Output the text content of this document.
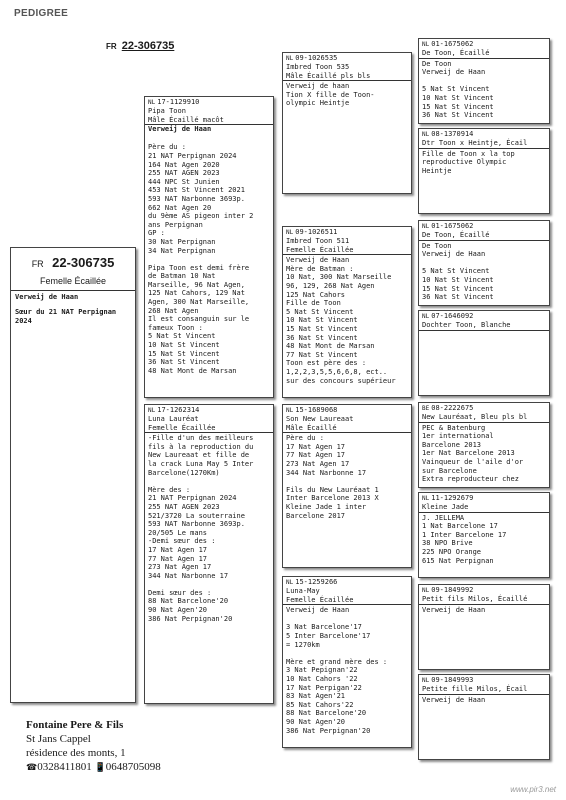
PEDIGREE
FR 22-306735
FR 22-306735
Femelle Écaillée
Verweij de Haan
Sœur du 21 NAT Perpignan
2024
NL 17-1129910
Pipa Toon
Mâle Écaillé macôt
Verweij de Haan

Père du :
21 NAT Perpignan 2024
164 Nat Agen 2020
255 NAT AGEN 2023
444 NPC St Junien
453 Nat St Vincent 2021
593 NAT Narbonne 3693p.
662 Nat Agen 20
du 9ème AS pigeon inter 2
ans Perpignan
GP :
30 Nat Perpignan
34 Nat Perpignan

Pipa Toon est demi frère
de Batman 10 Nat
Marseille, 96 Nat Agen,
125 Nat Cahors, 129 Nat
Agen, 300 Nat Marseille,
268 Nat Agen
Il est consanguin sur le
fameux Toon :
5 Nat St Vincent
10 Nat St Vincent
15 Nat St Vincent
36 Nat St Vincent
48 Nat Mont de Marsan
NL 17-1262314
Luna Lauréat
Femelle Écaillée
-Fille d'un des meilleurs
fils à la reproduction du
New Laureaat et fille de
la crack Luna May 5 Inter
Barcelone(1270Km)

Mère des :
21 NAT Perpignan 2024
255 NAT AGEN 2023
521/3720 La souterraine
593 NAT Narbonne 3693p.
20/505 Le mans
-Demi sœur des :
17 Nat Agen 17
77 Nat Agen 17
273 Nat Agen 17
344 Nat Narbonne 17

Demi sœur des :
88 Nat Barcelone'20
90 Nat Agen'20
386 Nat Perpignan'20
NL 09-1026535
Imbred Toon 535
Mâle Écaillé pls bls
Verweij de haan
Tion X fille de Toon-
olympic Heintje
NL 09-1026511
Imbred Toon 511
Femelle Écaillée
Verweij de Haan
Mère de Batman :
10 Nat, 300 Nat Marseille
96, 129, 268 Nat Agen
125 Nat Cahors
Fille de Toon
5 Nat St Vincent
10 Nat St Vincent
15 Nat St Vincent
36 Nat St Vincent
48 Nat Mont de Marsan
77 Nat St Vincent
Toon est père des :
1,2,2,3,5,5,6,6,8, ect..
sur des concours supérieur
NL 15-1689068
Son New Laureaat
Mâle Écaillé
Père du :
17 Nat Agen 17
77 Nat Agen 17
273 Nat Agen 17
344 Nat Narbonne 17

Fils du New Lauréaat 1
Inter Barcelone 2013 X
Kleine Jade 1 inter
Barcelone 2017
NL 15-1259266
Luna-May
Femelle Écaillée
Verweij de Haan

3 Nat Barcelone'17
5 Inter Barcelone'17
= 1270km

Mère et grand mère des :
3 Nat Pepignan'22
10 Nat Cahors '22
17 Nat Perpigan'22
83 Nat Agen'21
85 Nat Cahors'22
88 Nat Barcelone'20
90 Nat Agen'20
386 Nat Perpignan'20
NL 01-1675062
De Toon, Écaillé
De Toon
Verweij de Haan

5 Nat St Vincent
10 Nat St Vincent
15 Nat St Vincent
36 Nat St Vincent
NL 08-1370914
Dtr Toon x Heintje, Écail
Fille de Toon x la top
reproductive Olympic
Heintje
NL 01-1675062
De Toon, Écaillé
De Toon
Verweij de Haan

5 Nat St Vincent
10 Nat St Vincent
15 Nat St Vincent
36 Nat St Vincent
NL 07-1646092
Dochter Toon, Blanche
BE 08-2222675
New Lauréaat, Bleu pls bl
PEC & Batenburg
1er international
Barcelone 2013
1er Nat Barcelone 2013
Vainqueur de l'aile d'or
sur Barcelone
Extra reproducteur chez
NL 11-1292679
Kleine Jade
J. JELLEMA
1 Nat Barcelone 17
1 Inter Barcelone 17
38 NPO Brive
225 NPO Orange
615 Nat Perpignan
NL 09-1849992
Petit fils Milos, Écaillé
Verweij de Haan
NL 09-1849993
Petite fille Milos, Écail
Verweij de Haan
Fontaine Pere & Fils
St Jans Cappel
résidence des monts, 1
☎0328411801 📱0648705098
www.pir3.net
